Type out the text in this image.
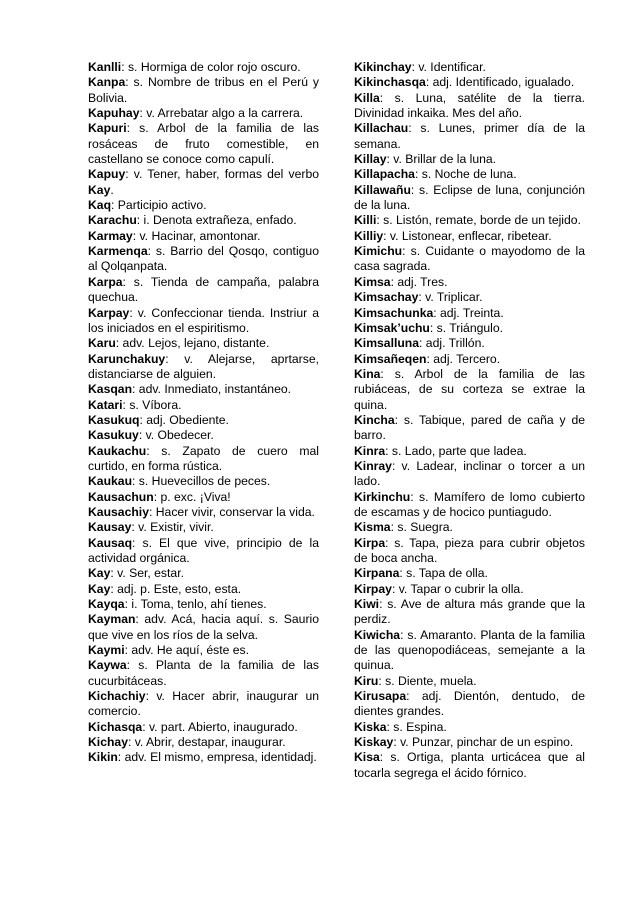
Kanlli: s. Hormiga de color rojo oscuro.

Kanpa: s. Nombre de tribus en el Perú y Bolivia.

Kapuhay: v. Arrebatar algo a la carrera.

Kapuri: s. Arbol de la familia de las rosáceas de fruto comestible, en castellano se conoce como capulí.

Kapuy: v. Tener, haber, formas del verbo Kay.

Kaq: Participio activo.

Karachu: i. Denota extrañeza, enfado.

Karmay: v. Hacinar, amontonar.

Karmenqa: s. Barrio del Qosqo, contiguo al Qolqanpata.

Karpa: s. Tienda de campaña, palabra quechua.

Karpay: v. Confeccionar tienda. Instriur a los iniciados en el espiritismo.

Karu: adv. Lejos, lejano, distante.

Karunchakuy: v. Alejarse, aprtarse, distanciarse de alguien.

Kasqan: adv. Inmediato, instantáneo.

Katari: s. Víbora.

Kasukuq: adj. Obediente.

Kasukuy: v. Obedecer.

Kaukachu: s. Zapato de cuero mal curtido, en forma rústica.

Kaukau: s. Huevecillos de peces.

Kausachun: p. exc. ¡Viva!

Kausachiy: Hacer vivir, conservar la vida.

Kausay: v. Existir, vivir.

Kausaq: s. El que vive, principio de la actividad orgánica.

Kay: v. Ser, estar.

Kay: adj. p. Este, esto, esta.

Kayqa: i. Toma, tenlo, ahí tienes.

Kayman: adv. Acá, hacia aquí. s. Saurio que vive en los ríos de la selva.

Kaymi: adv. He aquí, éste es.

Kaywa: s. Planta de la familia de las cucurbitáceas.

Kichachiy: v. Hacer abrir, inaugurar un comercio.

Kichasqa: v. part. Abierto, inaugurado.

Kichay: v. Abrir, destapar, inaugurar.

Kikin: adv. El mismo, empresa, identidadj.

Kikinchay: v. Identificar.

Kikinchasqa: adj. Identificado, igualado.

Killa: s. Luna, satélite de la tierra. Divinidad inkaika. Mes del año.

Killachau: s. Lunes, primer día de la semana.

Killay: v. Brillar de la luna.

Killapacha: s. Noche de luna.

Killawañu: s. Eclipse de luna, conjunción de la luna.

Killi: s. Listón, remate, borde de un tejido.

Killiy: v. Listonear, enflecar, ribetear.

Kimichu: s. Cuidante o mayodomo de la casa sagrada.

Kimsa: adj. Tres.

Kimsachay: v. Triplicar.

Kimsachunka: adj. Treinta.

Kimsak’uchu: s. Triángulo.

Kimsalluna: adj. Trillón.

Kimsañeqen: adj. Tercero.

Kina: s. Arbol de la familia de las rubiáceas, de su corteza se extrae la quina.

Kincha: s. Tabique, pared de caña y de barro.

Kinra: s. Lado, parte que ladea.

Kinray: v. Ladear, inclinar o torcer a un lado.

Kirkinchu: s. Mamífero de lomo cubierto de escamas y de hocico puntiagudo.

Kisma: s. Suegra.

Kirpa: s. Tapa, pieza para cubrir objetos de boca ancha.

Kirpana: s. Tapa de olla.

Kirpay: v. Tapar o cubrir la olla.

Kiwi: s. Ave de altura más grande que la perdiz.

Kiwicha: s. Amaranto. Planta de la familia de las quenopodiáceas, semejante a la quinua.

Kiru: s. Diente, muela.

Kirusapa: adj. Dientón, dentudo, de dientes grandes.

Kiska: s. Espina.

Kiskay: v. Punzar, pinchar de un espino.

Kisa: s. Ortiga, planta urticácea que al tocarla segrega el ácido fórnico.
